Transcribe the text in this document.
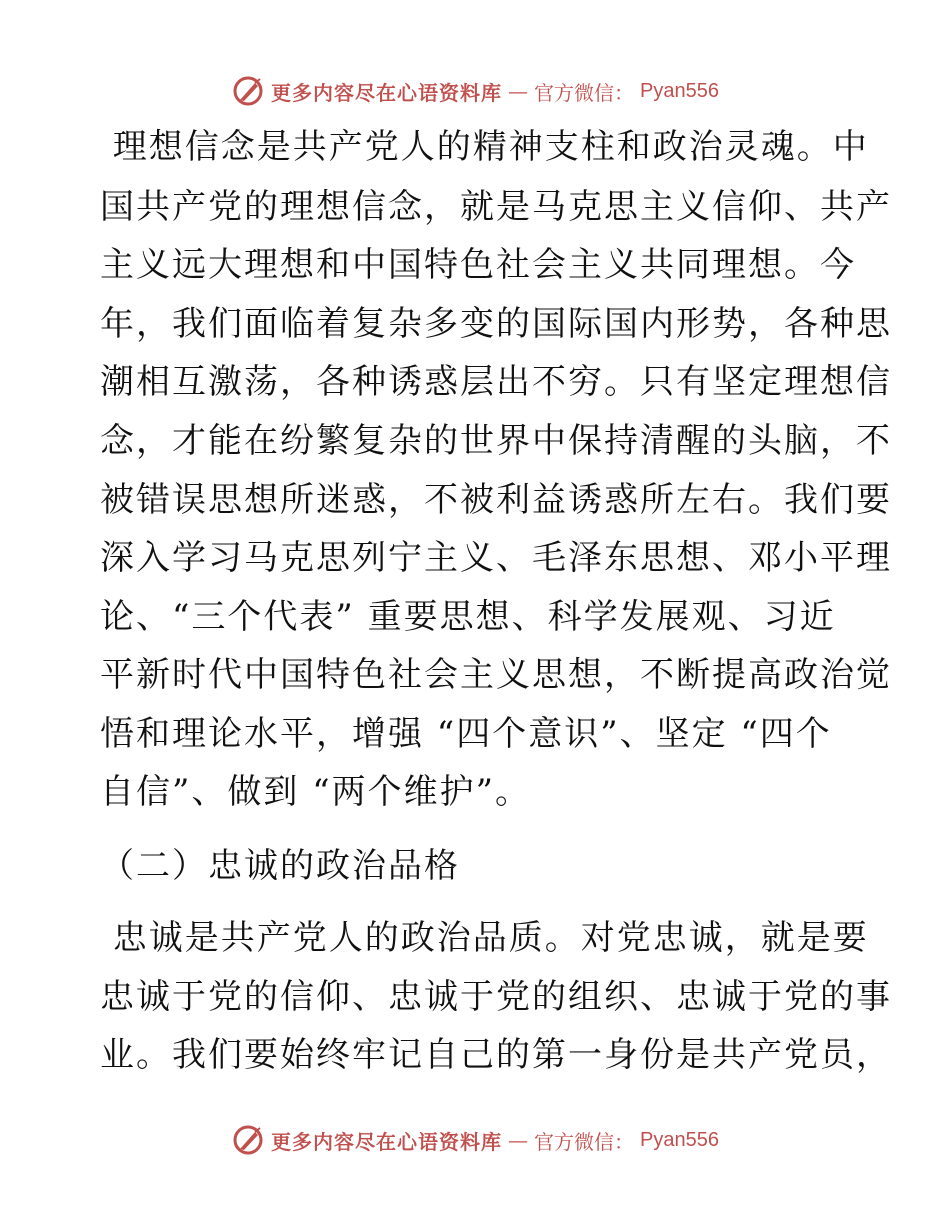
更多内容尽在心语资料库 — 官方微信： Pyan556
理想信念是共产党人的精神支柱和政治灵魂。中
国共产党的理想信念，就是马克思主义信仰、共产
主义远大理想和中国特色社会主义共同理想。今
年，我们面临着复杂多变的国际国内形势，各种思
潮相互激荡，各种诱惑层出不穷。只有坚定理想信
念，才能在纷繁复杂的世界中保持清醒的头脑，不
被错误思想所迷惑，不被利益诱惑所左右。我们要
深入学习马克思列宁主义、毛泽东思想、邓小平理
论、“三个代表” 重要思想、科学发展观、习近
平新时代中国特色社会主义思想，不断提高政治觉
悟和理论水平，增强 “四个意识”、坚定 “四个
自信”、做到 “两个维护”。
（二）忠诚的政治品格
忠诚是共产党人的政治品质。对党忠诚，就是要
忠诚于党的信仰、忠诚于党的组织、忠诚于党的事
业。我们要始终牢记自己的第一身份是共产党员，
更多内容尽在心语资料库 — 官方微信： Pyan556
